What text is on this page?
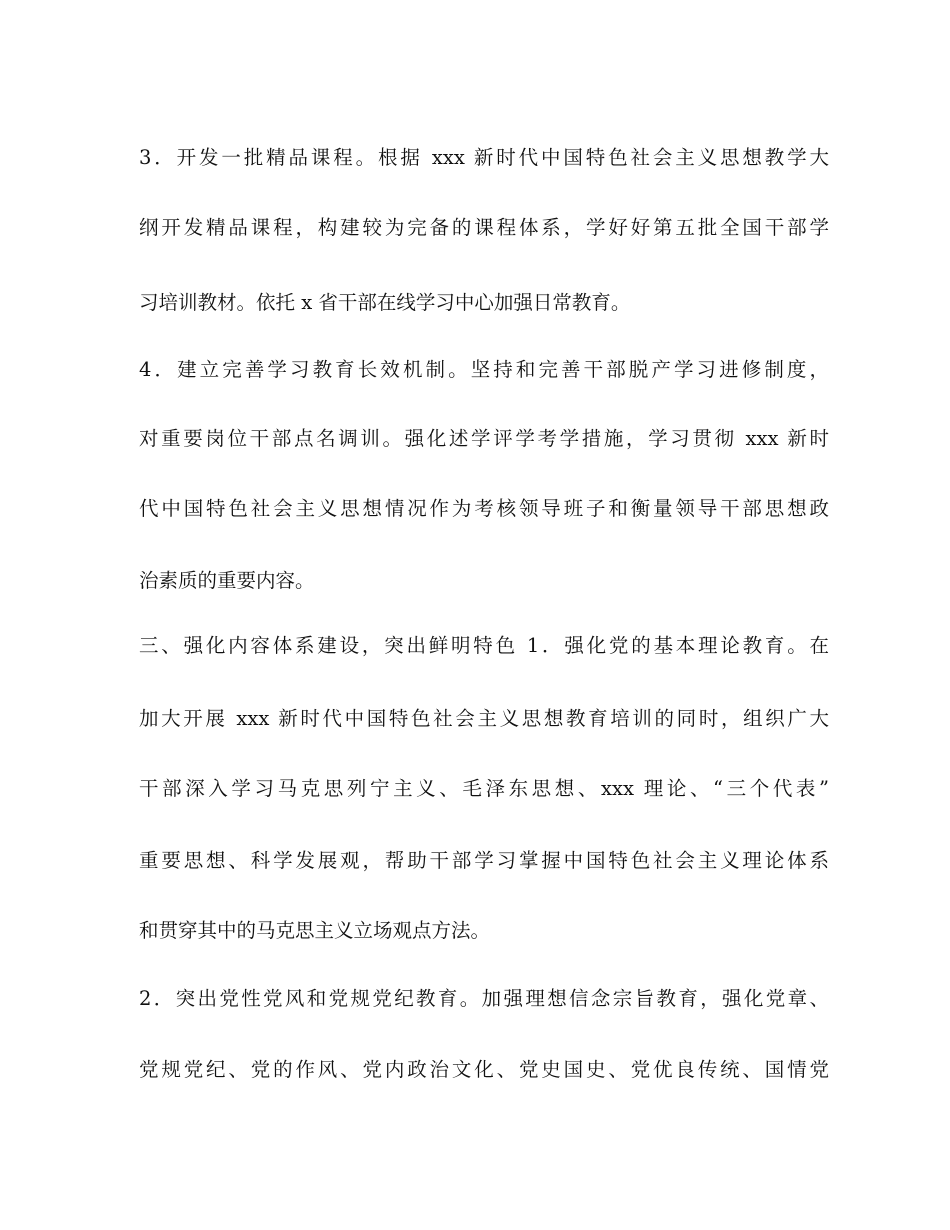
3．开发一批精品课程。根据 xxx 新时代中国特色社会主义思想教学大
纲开发精品课程，构建较为完备的课程体系，学好好第五批全国干部学
习培训教材。依托 x 省干部在线学习中心加强日常教育。
4．建立完善学习教育长效机制。坚持和完善干部脱产学习进修制度，
对重要岗位干部点名调训。强化述学评学考学措施，学习贯彻 xxx 新时
代中国特色社会主义思想情况作为考核领导班子和衡量领导干部思想政
治素质的重要内容。
三、强化内容体系建设，突出鲜明特色 1．强化党的基本理论教育。在
加大开展 xxx 新时代中国特色社会主义思想教育培训的同时，组织广大
干部深入学习马克思列宁主义、毛泽东思想、xxx 理论、“三个代表”
重要思想、科学发展观，帮助干部学习掌握中国特色社会主义理论体系
和贯穿其中的马克思主义立场观点方法。
2．突出党性党风和党规党纪教育。加强理想信念宗旨教育，强化党章、
党规党纪、党的作风、党内政治文化、党史国史、党优良传统、国情党
